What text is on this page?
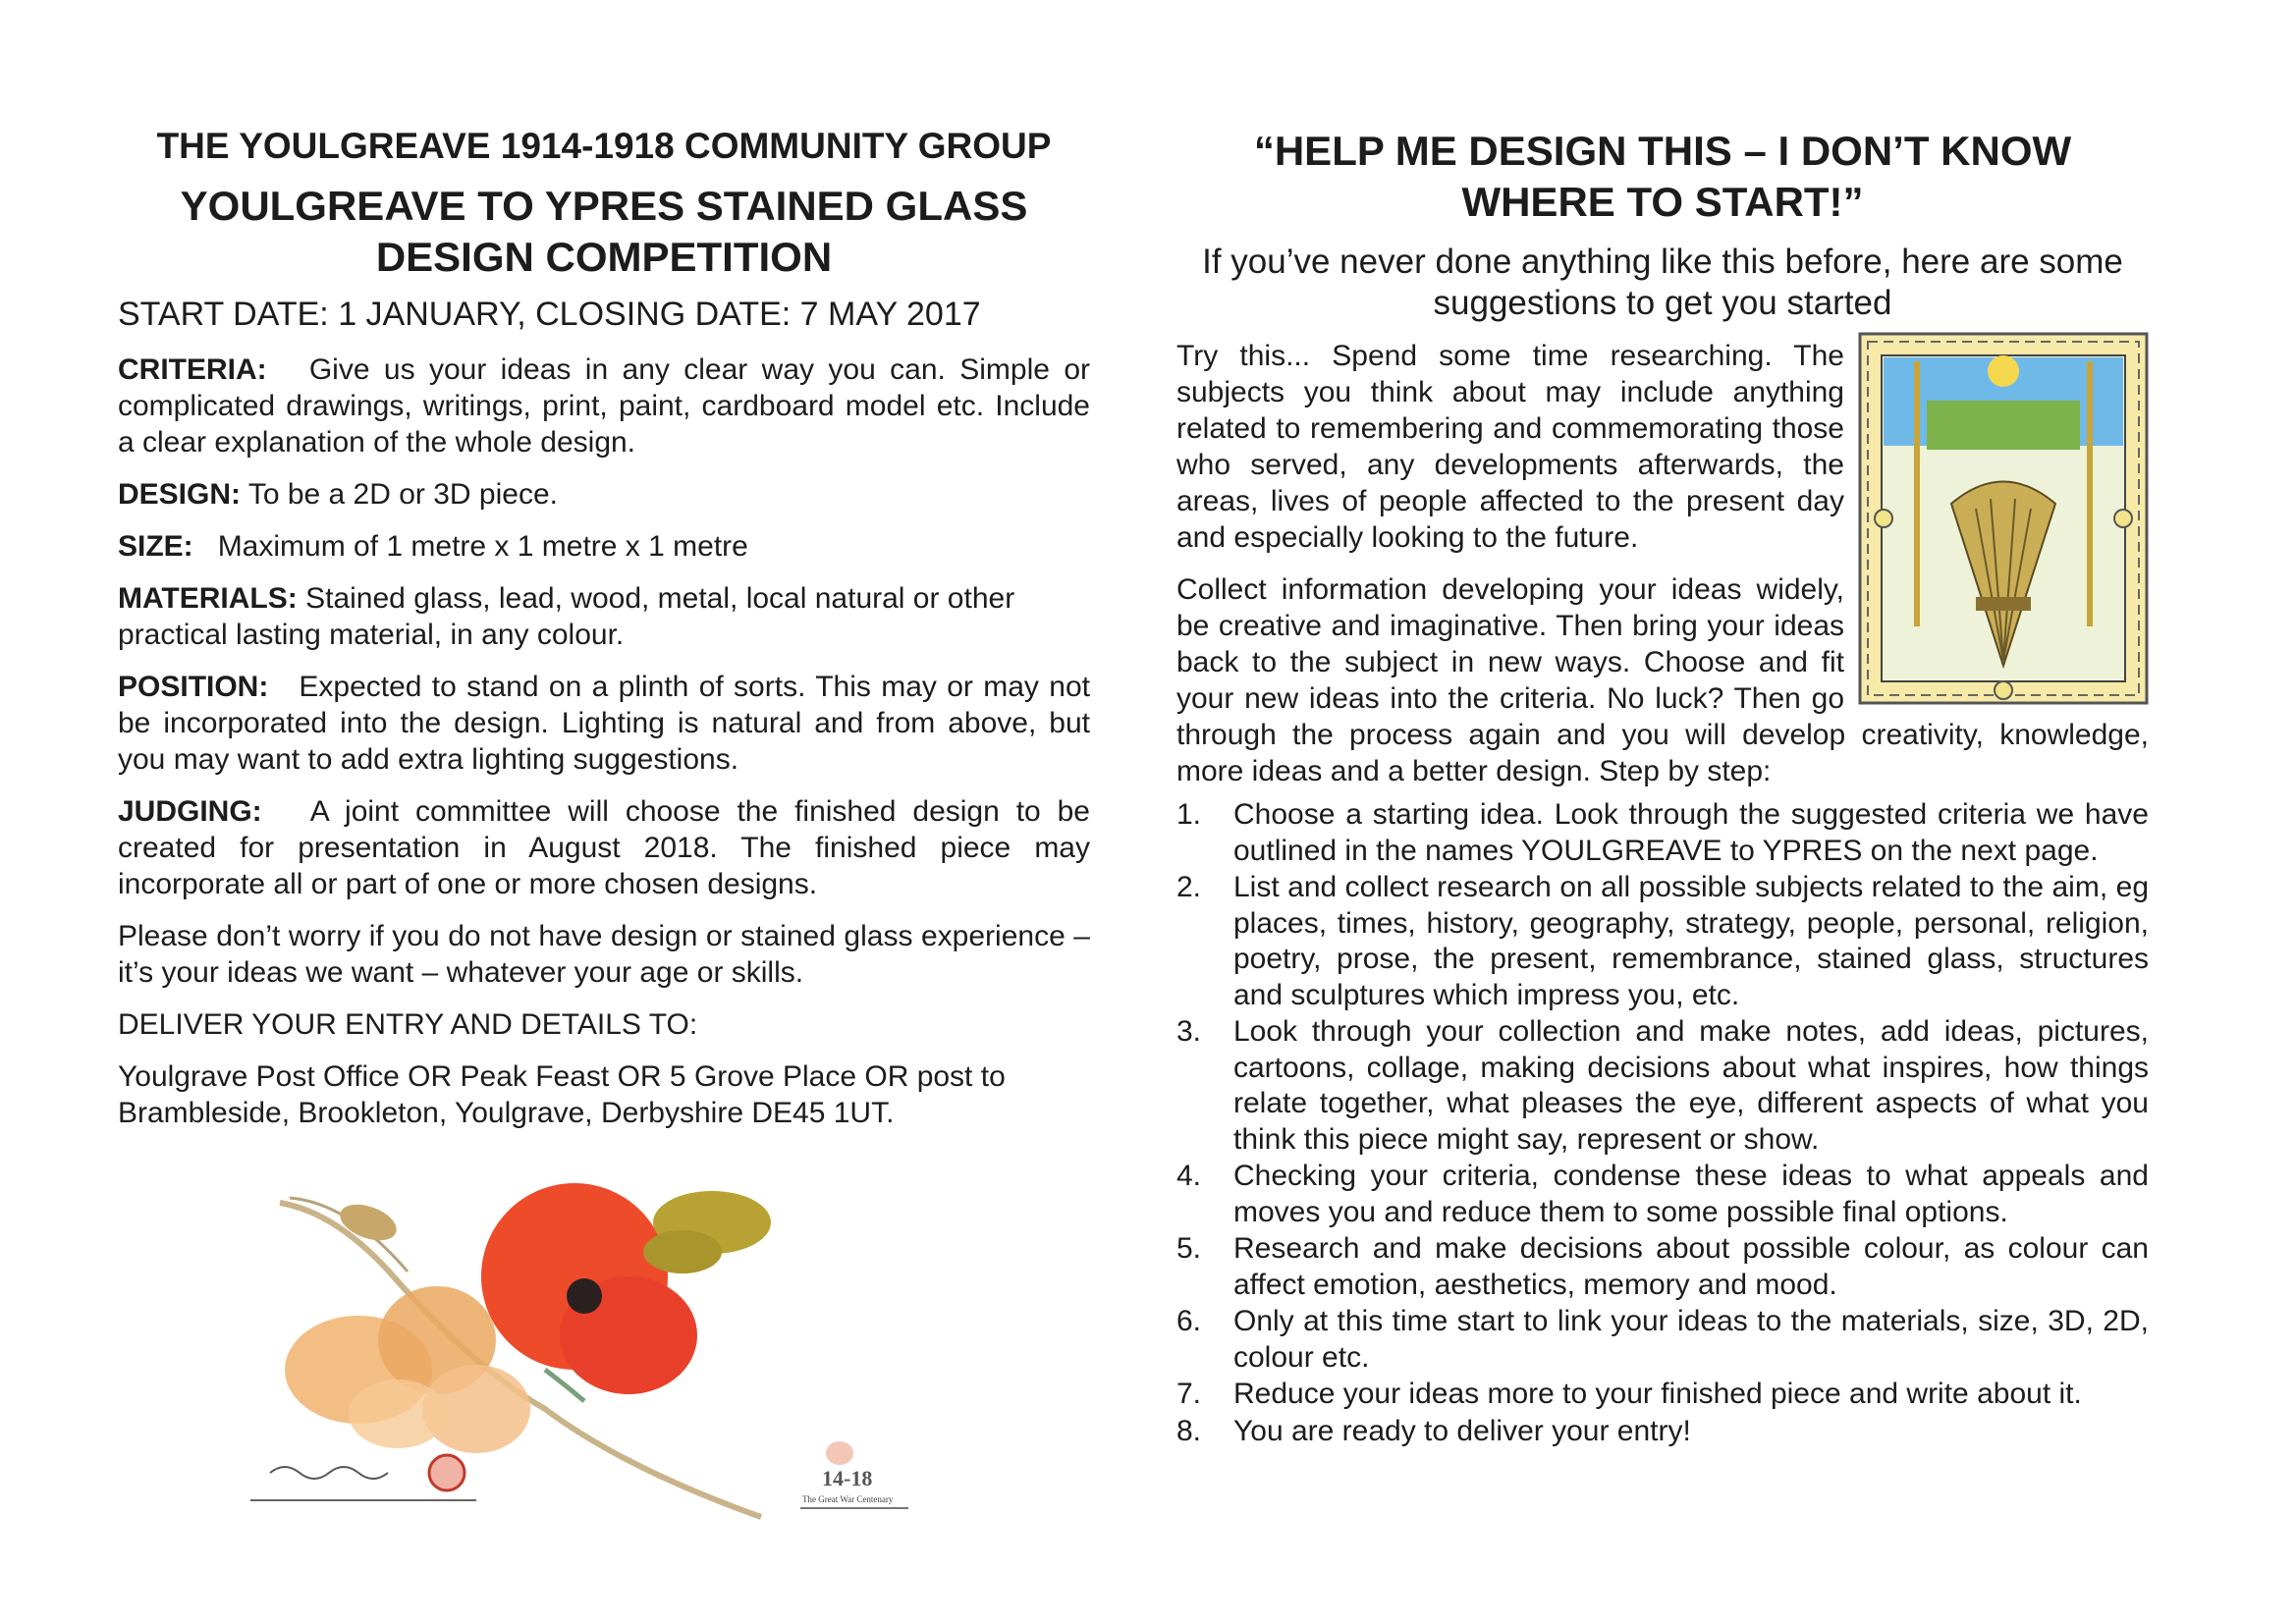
THE YOULGREAVE 1914-1918 COMMUNITY GROUP
YOULGREAVE TO YPRES STAINED GLASS DESIGN COMPETITION
START DATE: 1 JANUARY, CLOSING DATE: 7 MAY 2017

CRITERIA: Give us your ideas in any clear way you can. Simple or complicated drawings, writings, print, paint, cardboard model etc. Include a clear explanation of the whole design.

DESIGN: To be a 2D or 3D piece.

SIZE: Maximum of 1 metre x 1 metre x 1 metre

MATERIALS: Stained glass, lead, wood, metal, local natural or other practical lasting material, in any colour.

POSITION: Expected to stand on a plinth of sorts. This may or may not be incorporated into the design. Lighting is natural and from above, but you may want to add extra lighting suggestions.

JUDGING: A joint committee will choose the finished design to be created for presentation in August 2018. The finished piece may incorporate all or part of one or more chosen designs.

Please don’t worry if you do not have design or stained glass experience – it’s your ideas we want – whatever your age or skills.

DELIVER YOUR ENTRY AND DETAILS TO:

Youlgrave Post Office OR Peak Feast OR 5 Grove Place OR post to Brambleside, Brookleton, Youlgrave, Derbyshire DE45 1UT.

14-18
The Great War Centenary
“HELP ME DESIGN THIS – I DON’T KNOW WHERE TO START!”
If you’ve never done anything like this before, here are some suggestions to get you started

Try this... Spend some time researching. The subjects you think about may include anything related to remembering and commemorating those who served, any developments afterwards, the areas, lives of people affected to the present day and especially looking to the future.

Collect information developing your ideas widely, be creative and imaginative. Then bring your ideas back to the subject in new ways. Choose and fit your new ideas into the criteria. No luck? Then go through the process again and you will develop creativity, knowledge, more ideas and a better design. Step by step:

1. Choose a starting idea. Look through the suggested criteria we have outlined in the names YOULGREAVE to YPRES on the next page.
2. List and collect research on all possible subjects related to the aim, eg places, times, history, geography, strategy, people, personal, religion, poetry, prose, the present, remembrance, stained glass, structures and sculptures which impress you, etc.
3. Look through your collection and make notes, add ideas, pictures, cartoons, collage, making decisions about what inspires, how things relate together, what pleases the eye, different aspects of what you think this piece might say, represent or show.
4. Checking your criteria, condense these ideas to what appeals and moves you and reduce them to some possible final options.
5. Research and make decisions about possible colour, as colour can affect emotion, aesthetics, memory and mood.
6. Only at this time start to link your ideas to the materials, size, 3D, 2D, colour etc.
7. Reduce your ideas more to your finished piece and write about it.
8. You are ready to deliver your entry!
